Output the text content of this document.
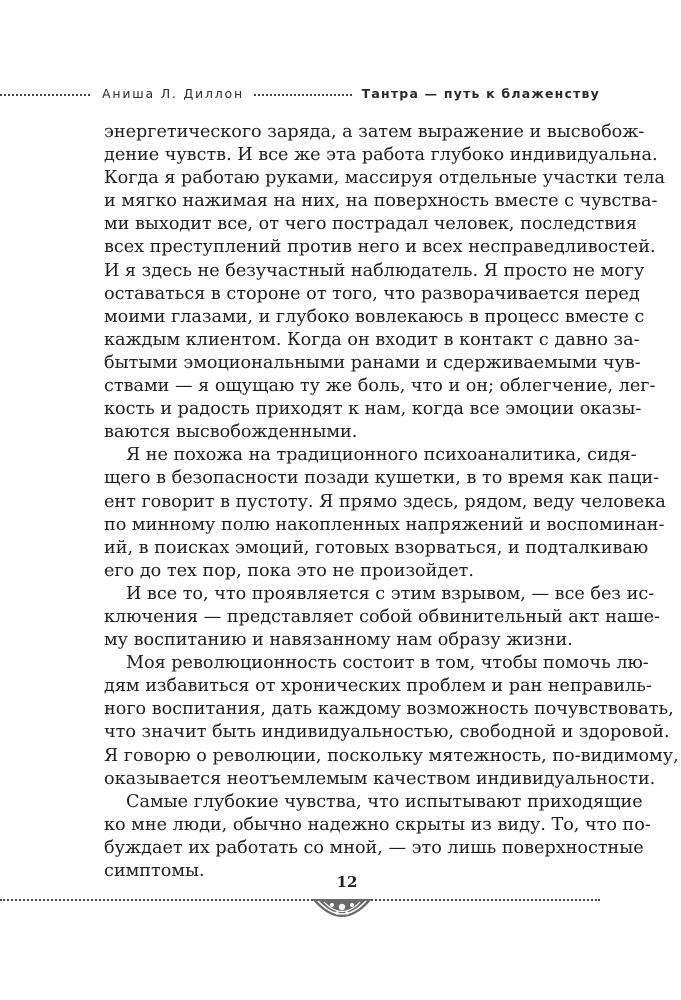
Аниша Л. Диллон	Тантра — путь к блаженству
энергетического заряда, а затем выражение и высвобож-
дение чувств. И все же эта работа глубоко индивидуальна.
Когда я работаю руками, массируя отдельные участки тела
и мягко нажимая на них, на поверхность вместе с чувства-
ми выходит все, от чего пострадал человек, последствия
всех преступлений против него и всех несправедливостей.
И я здесь не безучастный наблюдатель. Я просто не могу
оставаться в стороне от того, что разворачивается перед
моими глазами, и глубоко вовлекаюсь в процесс вместе с
каждым клиентом. Когда он входит в контакт с давно за-
бытыми эмоциональными ранами и сдерживаемыми чув-
ствами — я ощущаю ту же боль, что и он; облегчение, лег-
кость и радость приходят к нам, когда все эмоции оказы-
ваются высвобожденными.
Я не похожа на традиционного психоаналитика, сидя-
щего в безопасности позади кушетки, в то время как паци-
ент говорит в пустоту. Я прямо здесь, рядом, веду человека
по минному полю накопленных напряжений и воспоминан-
ий, в поисках эмоций, готовых взорваться, и подталкиваю
его до тех пор, пока это не произойдет.
И все то, что проявляется с этим взрывом, — все без ис-
ключения — представляет собой обвинительный акт наше-
му воспитанию и навязанному нам образу жизни.
Моя революционность состоит в том, чтобы помочь лю-
дям избавиться от хронических проблем и ран неправиль-
ного воспитания, дать каждому возможность почувствовать,
что значит быть индивидуальностью, свободной и здоровой.
Я говорю о революции, поскольку мятежность, по-видимому,
оказывается неотъемлемым качеством индивидуальности.
Самые глубокие чувства, что испытывают приходящие
ко мне люди, обычно надежно скрыты из виду. То, что по-
буждает их работать со мной, — это лишь поверхностные
симптомы.
12
